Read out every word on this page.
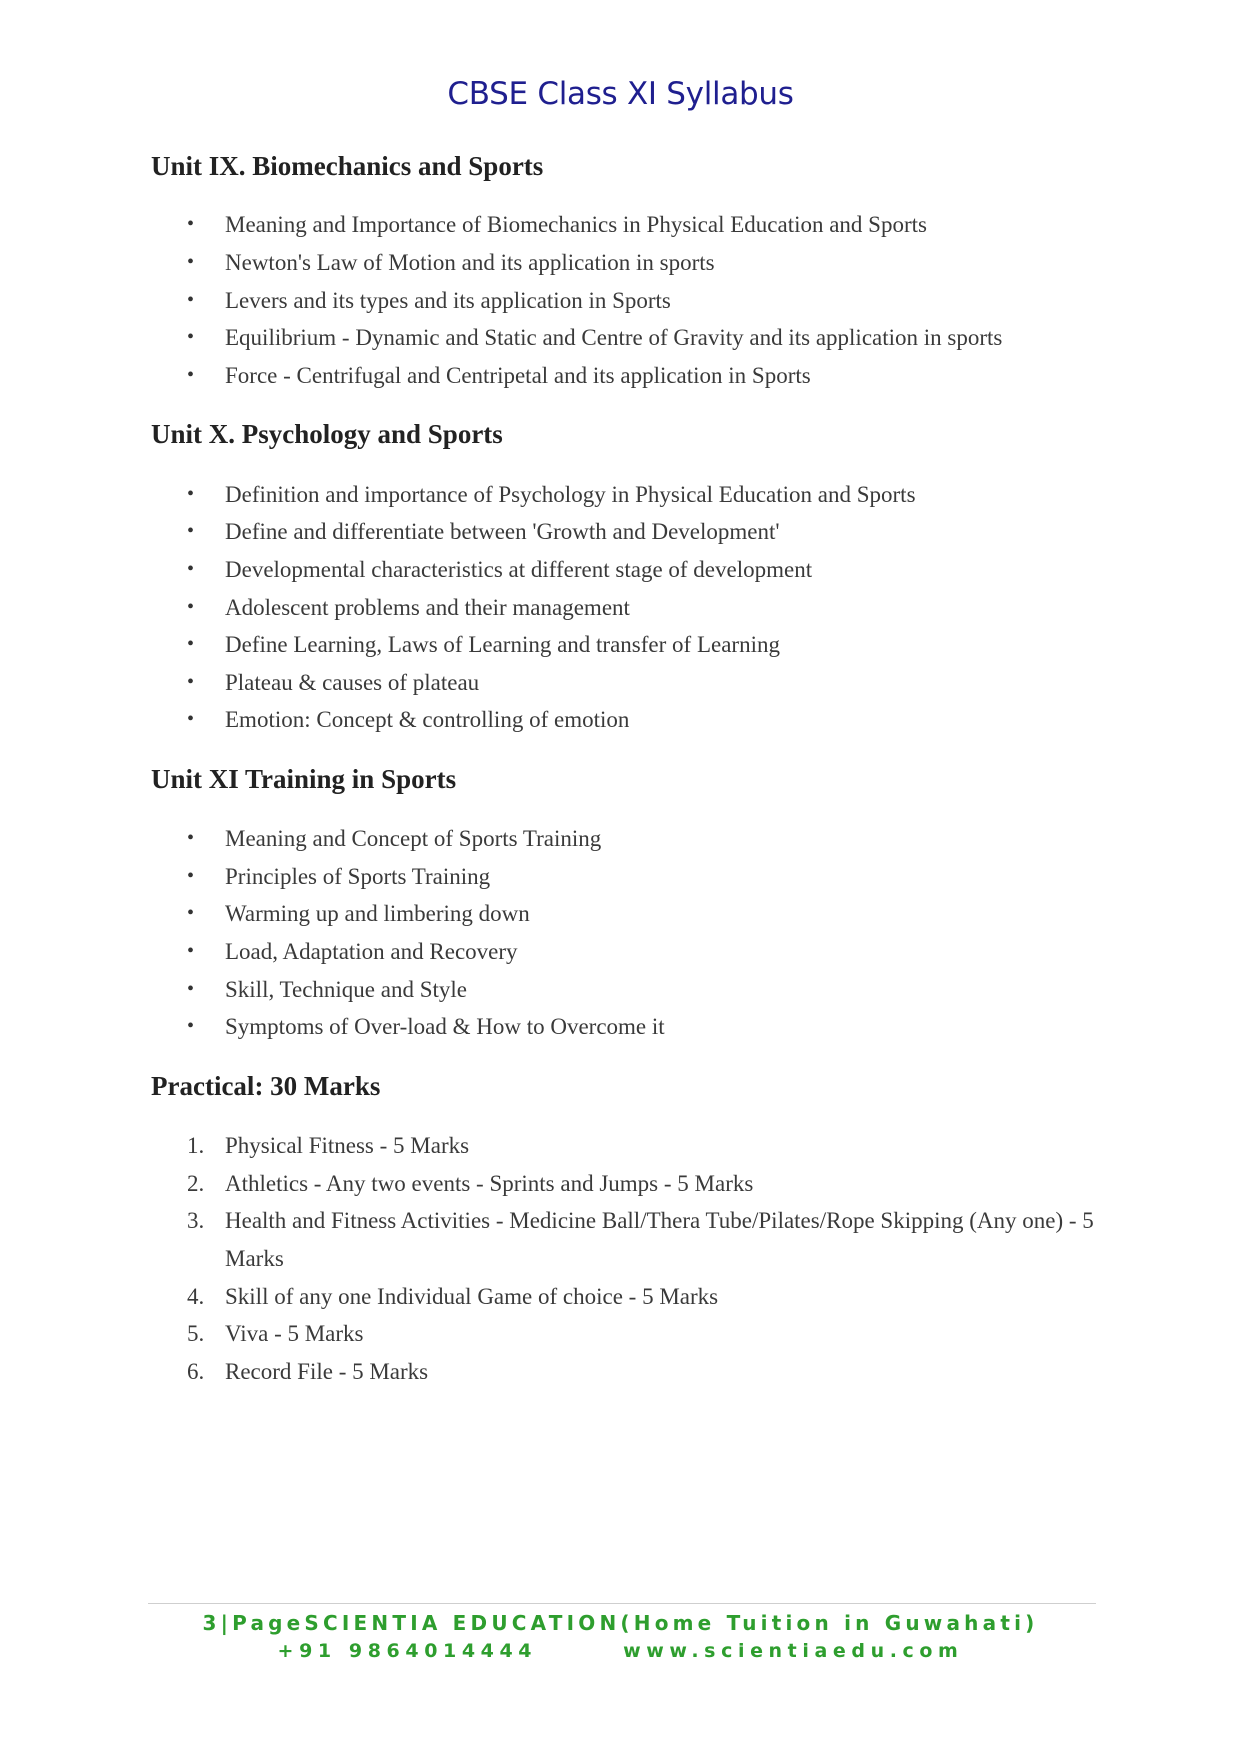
CBSE Class XI Syllabus
Unit IX. Biomechanics and Sports
• Meaning and Importance of Biomechanics in Physical Education and Sports
• Newton's Law of Motion and its application in sports
• Levers and its types and its application in Sports
• Equilibrium - Dynamic and Static and Centre of Gravity and its application in sports
• Force - Centrifugal and Centripetal and its application in Sports
Unit X. Psychology and Sports
• Definition and importance of Psychology in Physical Education and Sports
• Define and differentiate between 'Growth and Development'
• Developmental characteristics at different stage of development
• Adolescent problems and their management
• Define Learning, Laws of Learning and transfer of Learning
• Plateau & causes of plateau
• Emotion: Concept & controlling of emotion
Unit XI Training in Sports
• Meaning and Concept of Sports Training
• Principles of Sports Training
• Warming up and limbering down
• Load, Adaptation and Recovery
• Skill, Technique and Style
• Symptoms of Over-load & How to Overcome it
Practical: 30 Marks
1. Physical Fitness - 5 Marks
2. Athletics - Any two events - Sprints and Jumps - 5 Marks
3. Health and Fitness Activities - Medicine Ball/Thera Tube/Pilates/Rope Skipping (Any one) - 5 Marks
4. Skill of any one Individual Game of choice - 5 Marks
5. Viva - 5 Marks
6. Record File - 5 Marks
3|PageSCIENTIA EDUCATION(Home Tuition in Guwahati)
+91 9864014444	www.scientiaedu.com
